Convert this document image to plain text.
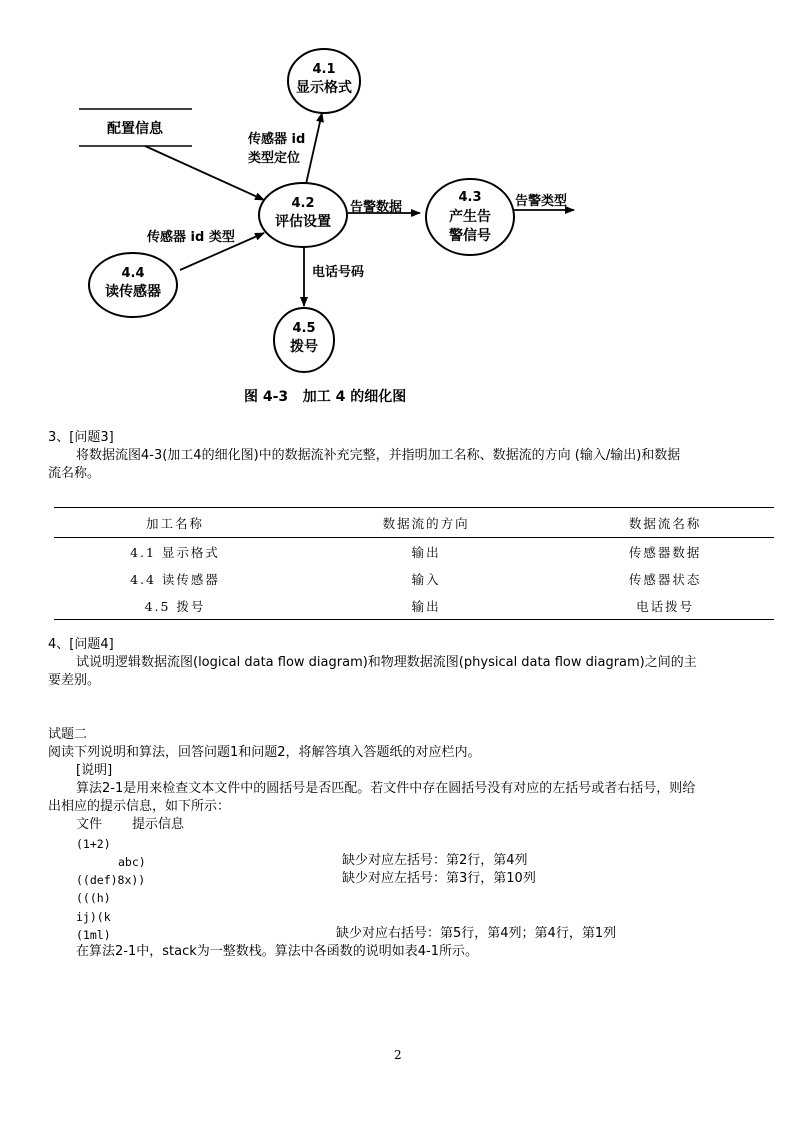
配置信息
4.1
显示格式
4.2
评估设置
4.3
产生告
警信号
4.4
读传感器
4.5
拨号
传感器 id
类型定位
告警数据	告警类型
传感器 id 类型
电话号码
图 4-3   加工 4 的细化图
3、[问题3]
将数据流图4-3(加工4的细化图)中的数据流补充完整，并指明加工名称、数据流的方向 (输入/输出)和数据
流名称。
加工名称	数据流的方向	数据流名称
4.1 显示格式	输出	传感器数据
4.4 读传感器	输入	传感器状态
4.5 拨号	输出	电话拨号
4、[问题4]
试说明逻辑数据流图(logical data flow diagram)和物理数据流图(physical data flow diagram)之间的主
要差别。
试题二
阅读下列说明和算法，回答问题1和问题2，将解答填入答题纸的对应栏内。
[说明]
算法2-1是用来检查文本文件中的圆括号是否匹配。若文件中存在圆括号没有对应的左括号或者右括号，则给
出相应的提示信息，如下所示：
文件 提示信息
(1+2)
abc)	缺少对应左括号：第2行，第4列
((def)8x))	缺少对应左括号：第3行，第10列
(((h)
ij)(k
(1ml)	缺少对应右括号：第5行，第4列；第4行，第1列
在算法2-1中，stack为一整数栈。算法中各函数的说明如表4-1所示。
2
